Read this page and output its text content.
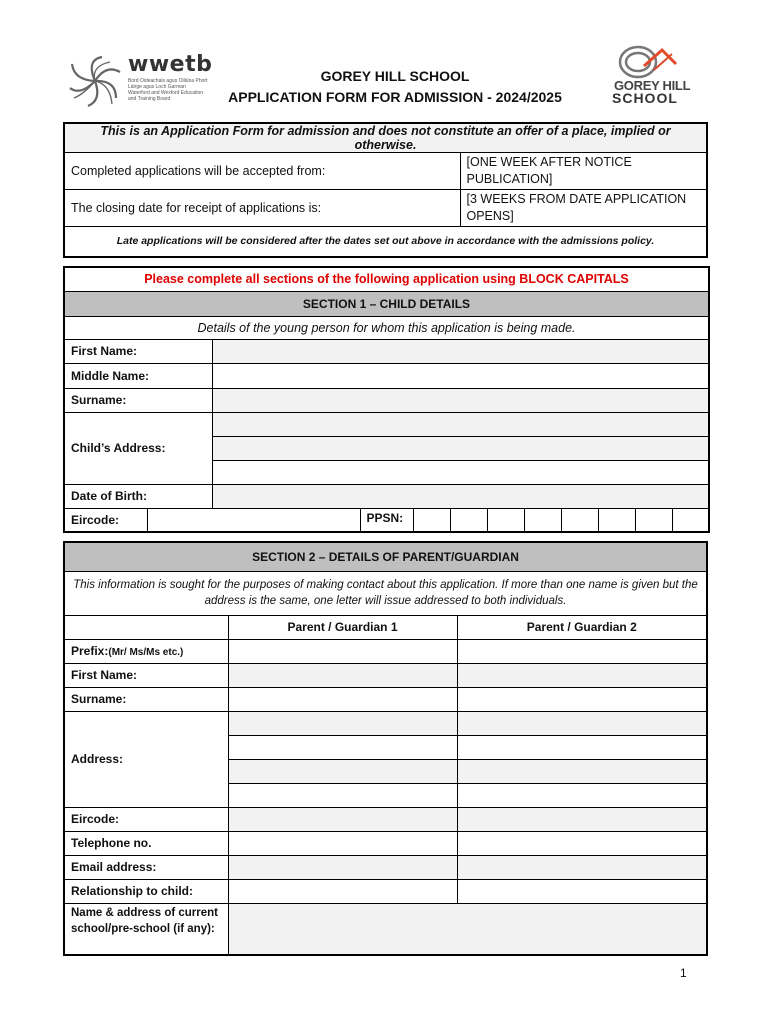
wwetb
Bord Oideachais agus Oiliúna Phort Láirge agus Loch Garman Waterford and Wexford Education and Training Board
GOREY HILL SCHOOL
APPLICATION FORM FOR ADMISSION - 2024/2025
GOREY HILL
SCHOOL
This is an Application Form for admission and does not constitute an offer of a place, implied or otherwise.	
Completed applications will be accepted from:	[ONE WEEK AFTER NOTICE PUBLICATION]
The closing date for receipt of applications is:	[3 WEEKS FROM DATE APPLICATION OPENS]
Late applications will be considered after the dates set out above in accordance with the admissions policy.	
Please complete all sections of the following application using BLOCK CAPITALS											
SECTION 1 – CHILD DETAILS											
Details of the young person for whom this application is being made.											
First Name:											
Middle Name:											
Surname:											
Child’s Address:											

Date of Birth:											
Eircode:			PPSN:								
SECTION 2 – DETAILS OF PARENT/GUARDIAN		
This information is sought for the purposes of making contact about this application. If more than one name is given but the address is the same, one letter will issue addressed to both individuals.		
	Parent / Guardian 1	Parent / Guardian 2
Prefix:(Mr/ Ms/Ms etc.)		
First Name:		
Surname:		
Address:		

Eircode:		
Telephone no.		
Email address:		
Relationship to child:		
Name & address of current school/pre-school (if any):		
1
